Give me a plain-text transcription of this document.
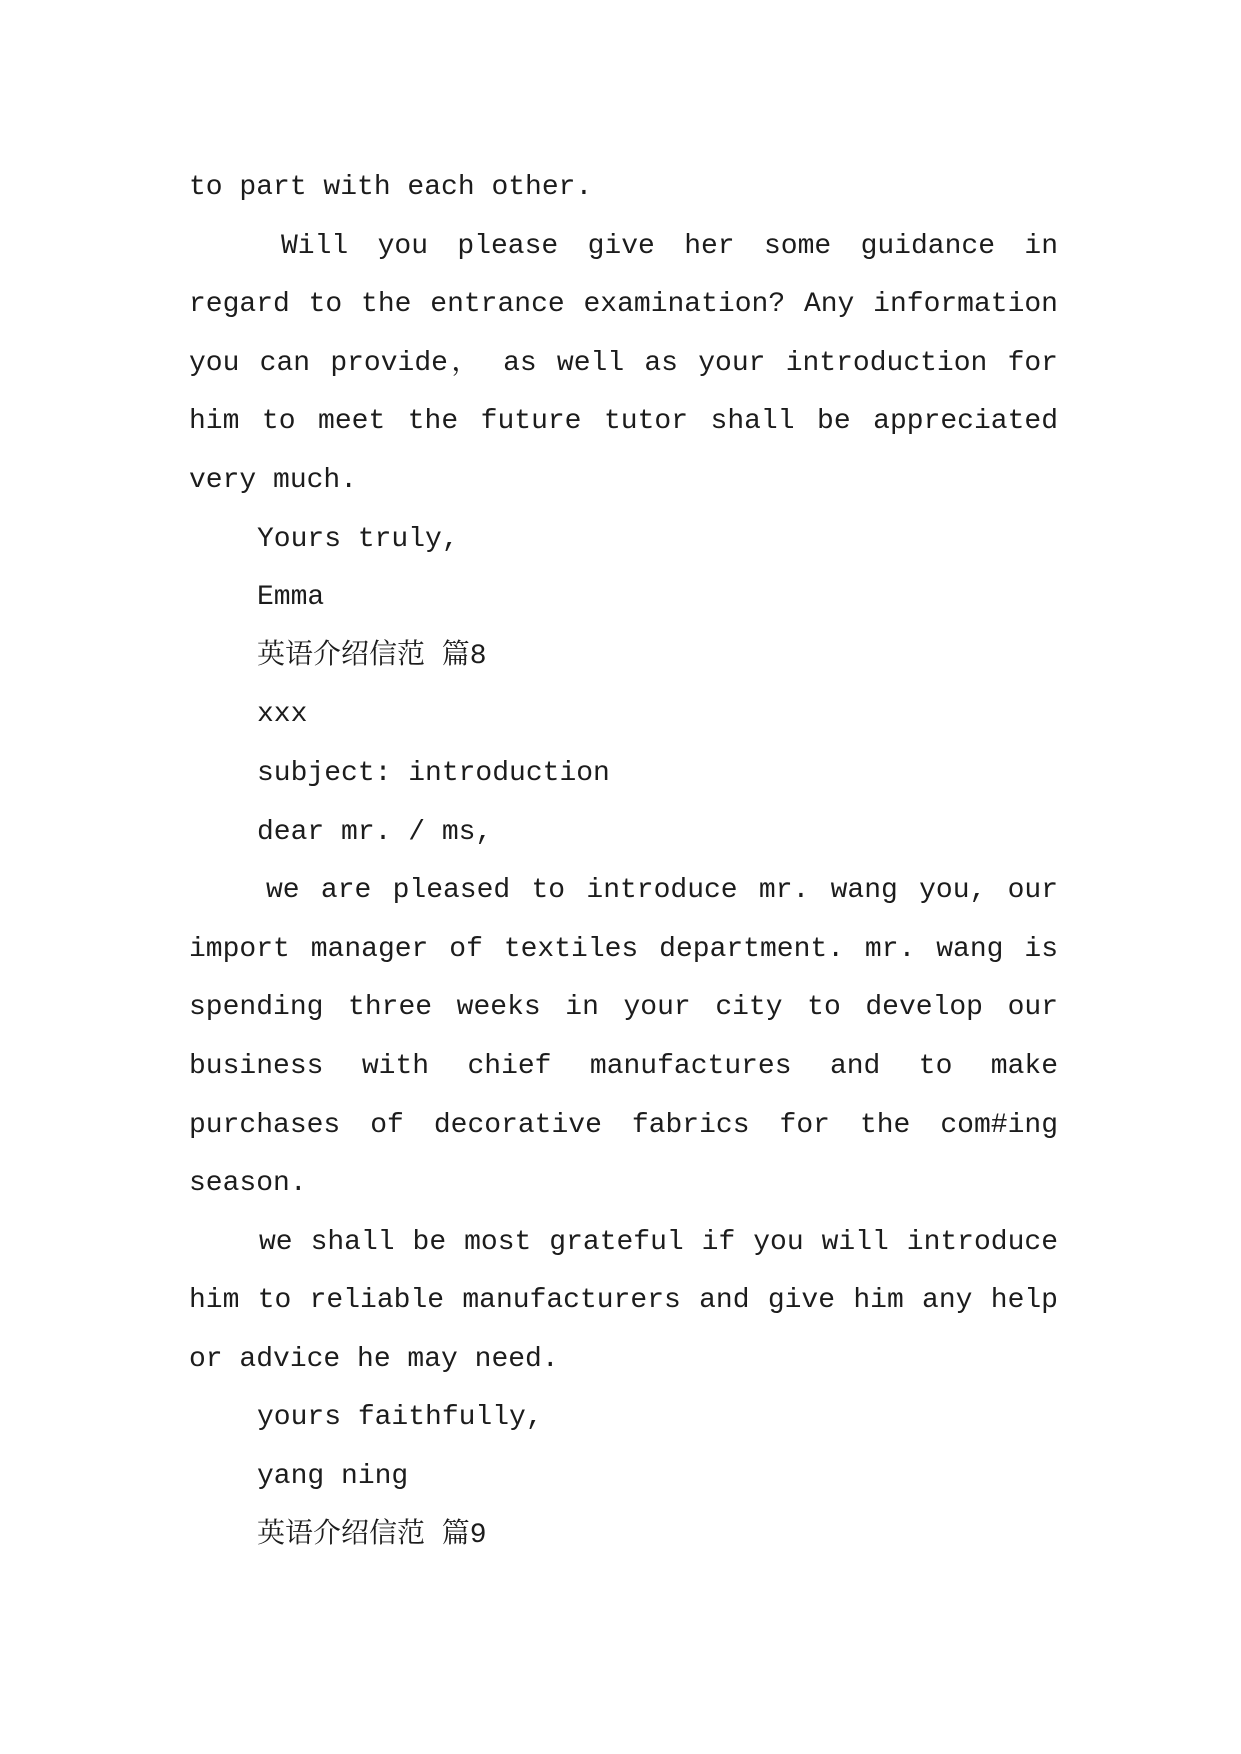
to part with each other.
Will you please give her some guidance in
regard to the entrance examination? Any information
you can provide， as well as your introduction for
him to meet the future tutor shall be appreciated
very much.
Yours truly,
Emma
英语介绍信范 篇8
xxx
subject: introduction
dear mr. / ms,
we are pleased to introduce mr. wang you, our
import manager of textiles department. mr. wang is
spending three weeks in your city to develop our
business with chief manufactures and to make
purchases of decorative fabrics for the com#ing
season.
we shall be most grateful if you will introduce
him to reliable manufacturers and give him any help
or advice he may need.
yours faithfully,
yang ning
英语介绍信范 篇9
